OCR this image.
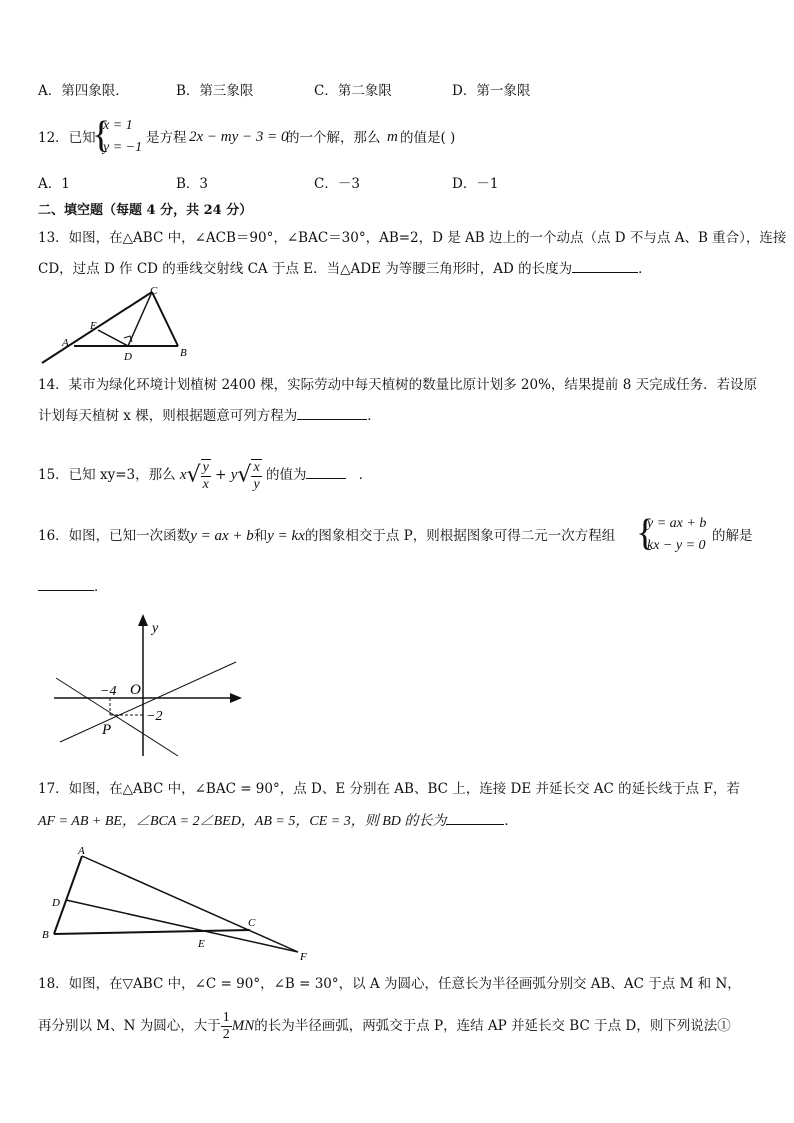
A．第四象限．	B．第三象限	C．第二象限	D．第一象限
12．已知
{
x = 1
y = −1
是方程 2x − my − 3 = 0
的一个解，那么 m 的值是( )
A．1	B．3	C．－3	D．－1
二、填空题（每题 4 分，共 24 分）
13．如图，在△ABC 中，∠ACB＝90°，∠BAC＝30°，AB=2，D 是 AB 边上的一个动点（点 D 不与点 A、B 重合），连接
CD，过点 D 作 CD 的垂线交射线 CA 于点 E．当△ADE 为等腰三角形时，AD 的长度为	．
A
B
C
D
E
14．某市为绿化环境计划植树 2400 棵，实际劳动中每天植树的数量比原计划多 20%，结果提前 8 天完成任务．若设原
计划每天植树 x 棵，则根据题意可列方程为	．
15．已知 xy=3，那么 $x√ \frac{y}{x} + y√ \frac{x}{y}$ 的值为	．
16．如图，已知一次函数y = ax + b和y = kx的图象相交于点 P，则根据图象可得二元一次方程组 {
y = ax + b
kx − y = 0
的解是
．
y
O
−4
−2
P
17．如图，在△ABC 中，∠BAC = 90°，点 D、E 分别在 AB、BC 上，连接 DE 并延长交 AC 的延长线于点 F，若
AF = AB + BE，∠BCA = 2∠BED，AB = 5，CE = 3，则 BD 的长为	．
A
B
C
D
E
F
18．如图，在▽ABC 中，∠C = 90°，∠B = 30°，以 A 为圆心，任意长为半径画弧分别交 AB、AC 于点 M 和 N，
再分别以 M、N 为圆心，大于 $\frac{1}{2}$ MN的长为半径画弧，两弧交于点 P，连结 AP 并延长交 BC 于点 D，则下列说法①
